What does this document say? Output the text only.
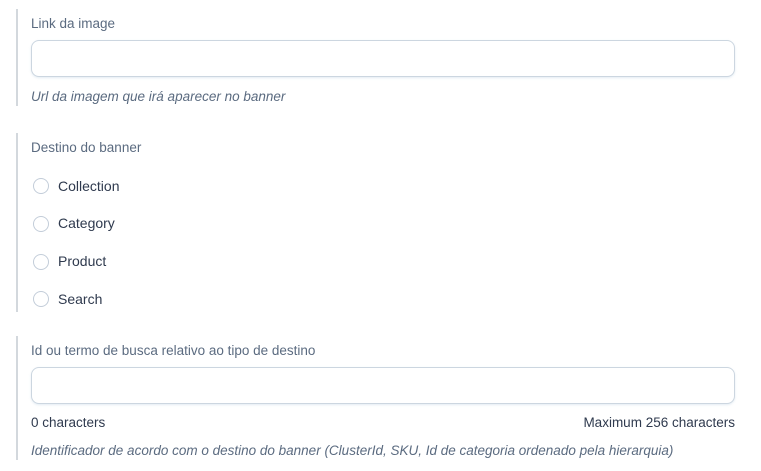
Link da image
Url da imagem que irá aparecer no banner
Destino do banner
Collection
Category
Product
Search
Id ou termo de busca relativo ao tipo de destino
0 characters	Maximum 256 characters
Identificador de acordo com o destino do banner (ClusterId, SKU, Id de categoria ordenado pela hierarquia)
